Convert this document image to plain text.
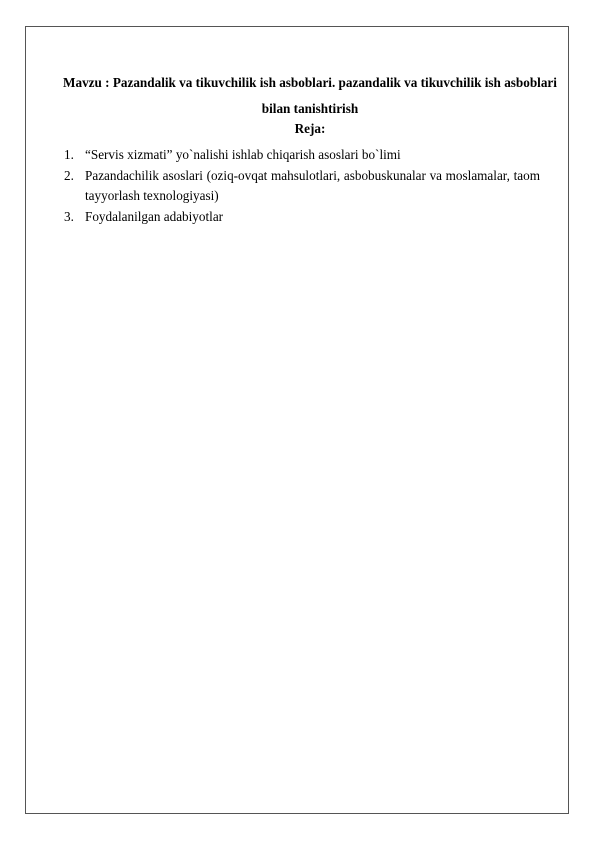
Mavzu : Pazandalik va tikuvchilik ish asboblari. pazandalik va tikuvchilik ish asboblari bilan tanishtirish
Reja:
1. “Servis xizmati” yo`nalishi ishlab chiqarish asoslari bo`limi
2. Pazandachilik asoslari (oziq-ovqat mahsulotlari, asbobuskunalar va moslamalar, taom tayyorlash texnologiyasi)
3. Foydalanilgan adabiyotlar
